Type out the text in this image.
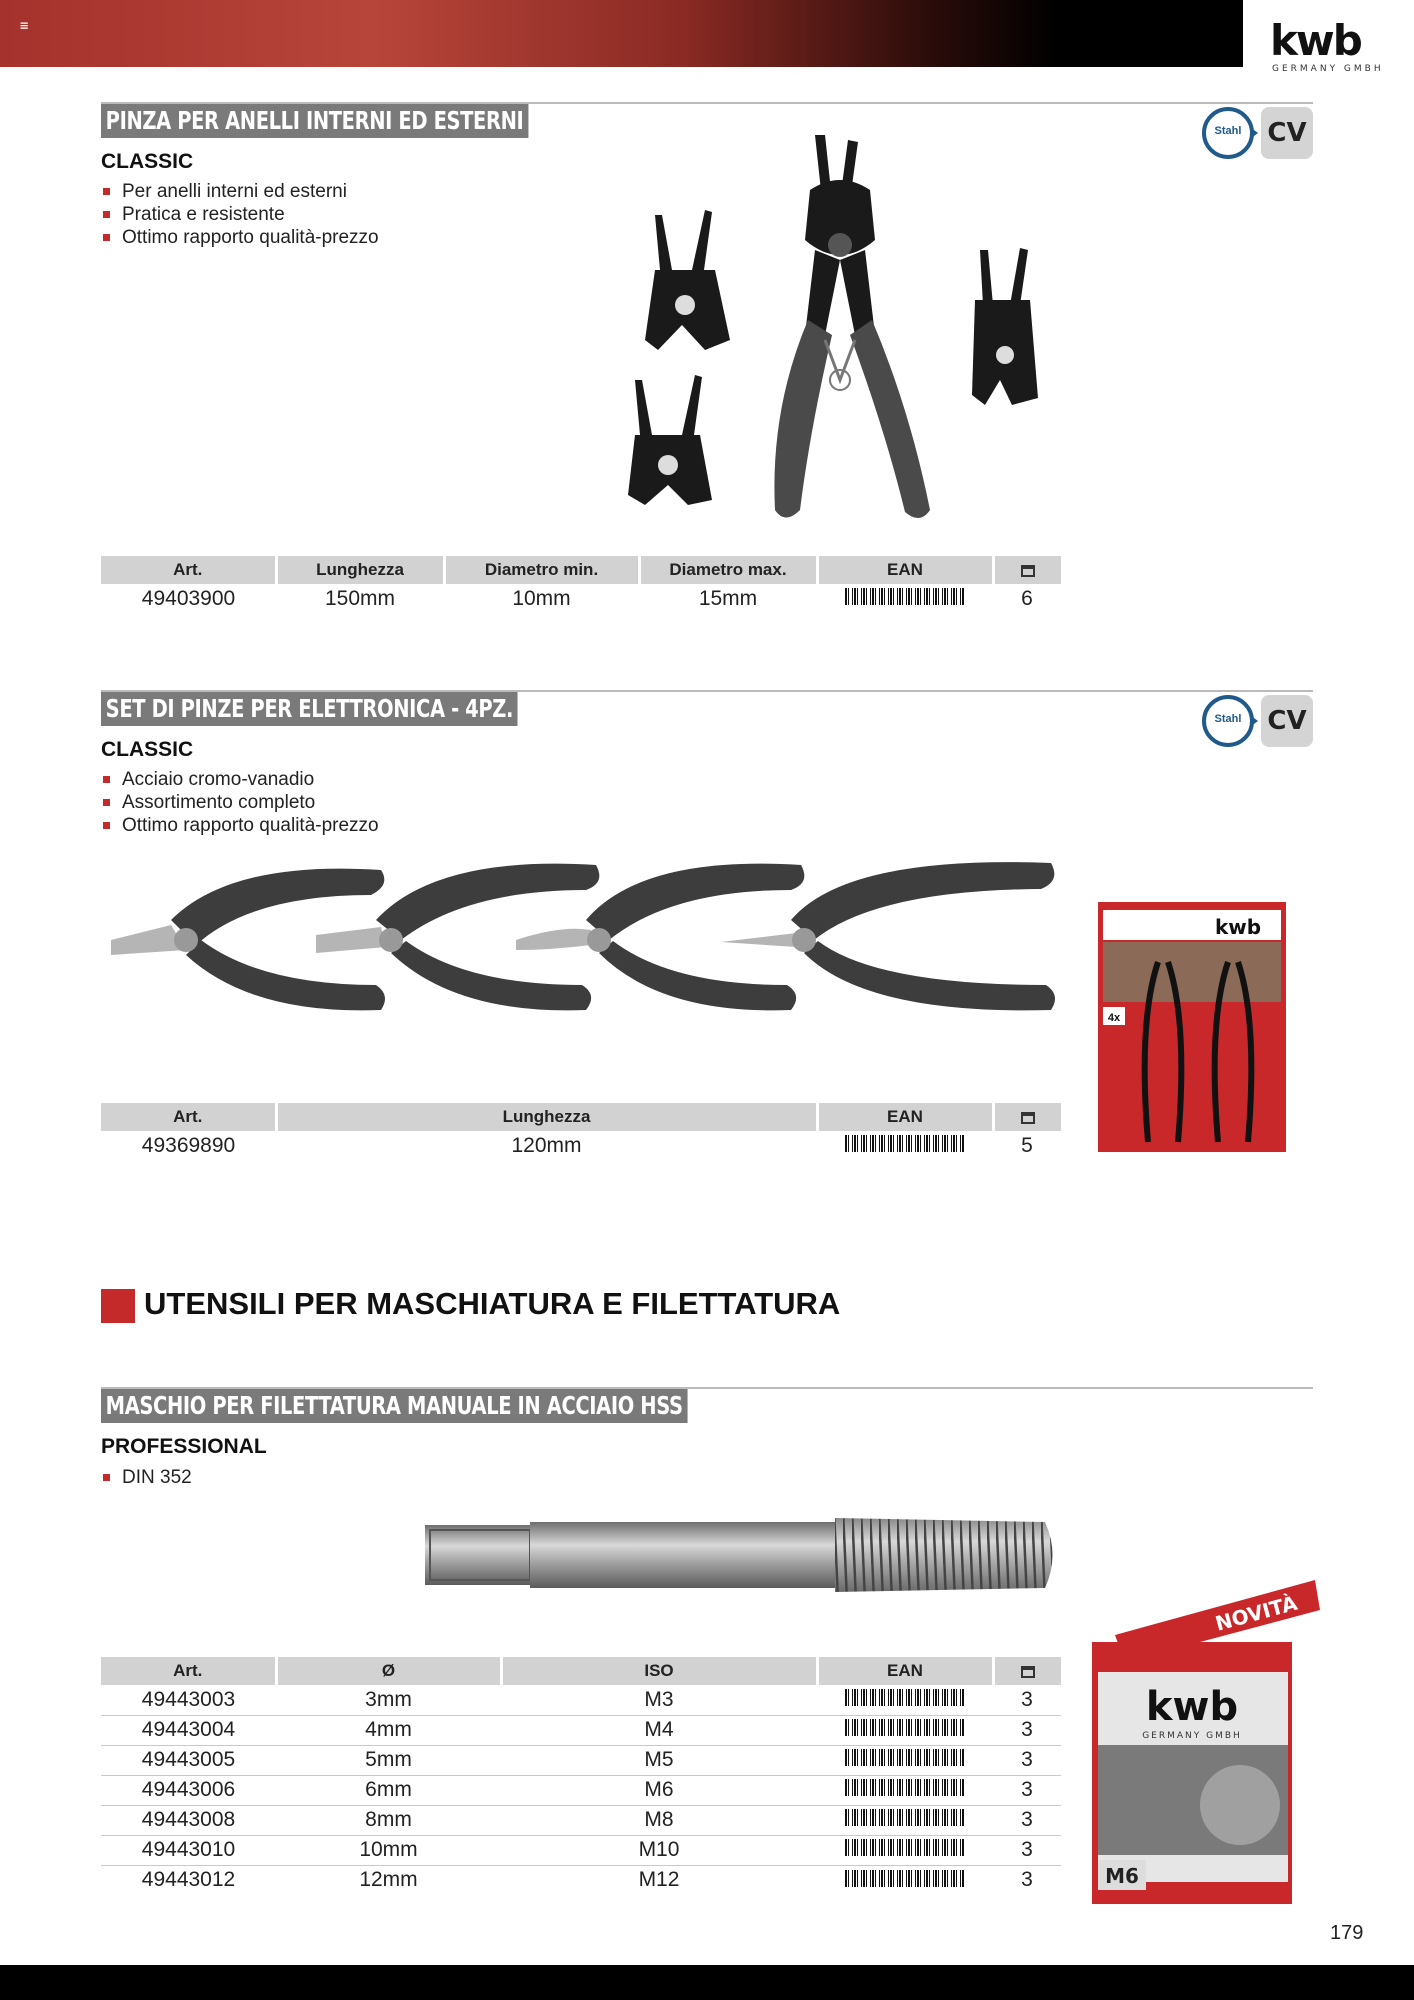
≡	kwb
GERMANY GMBH
PINZA PER ANELLI INTERNI ED ESTERNI
CLASSIC
Per anelli interni ed esterni
Pratica e resistente
Ottimo rapporto qualità-prezzo
Stahl CV
Art.	Lunghezza	Diametro min.	Diametro max.	EAN	
49403900	150mm	10mm	15mm		6
SET DI PINZE PER ELETTRONICA - 4PZ.
CLASSIC
Acciaio cromo-vanadio
Assortimento completo
Ottimo rapporto qualità-prezzo
Stahl CV
kwb
4x
Art.	Lunghezza	EAN	
49369890	120mm		5
UTENSILI PER MASCHIATURA E FILETTATURA
MASCHIO PER FILETTATURA MANUALE IN ACCIAIO HSS
PROFESSIONAL
DIN 352
NOVITÀ
kwb
GERMANY GMBH
M6
Art.	Ø	ISO	EAN	
49443003	3mm	M3		3
49443004	4mm	M4		3
49443005	5mm	M5		3
49443006	6mm	M6		3
49443008	8mm	M8		3
49443010	10mm	M10		3
49443012	12mm	M12		3
179
